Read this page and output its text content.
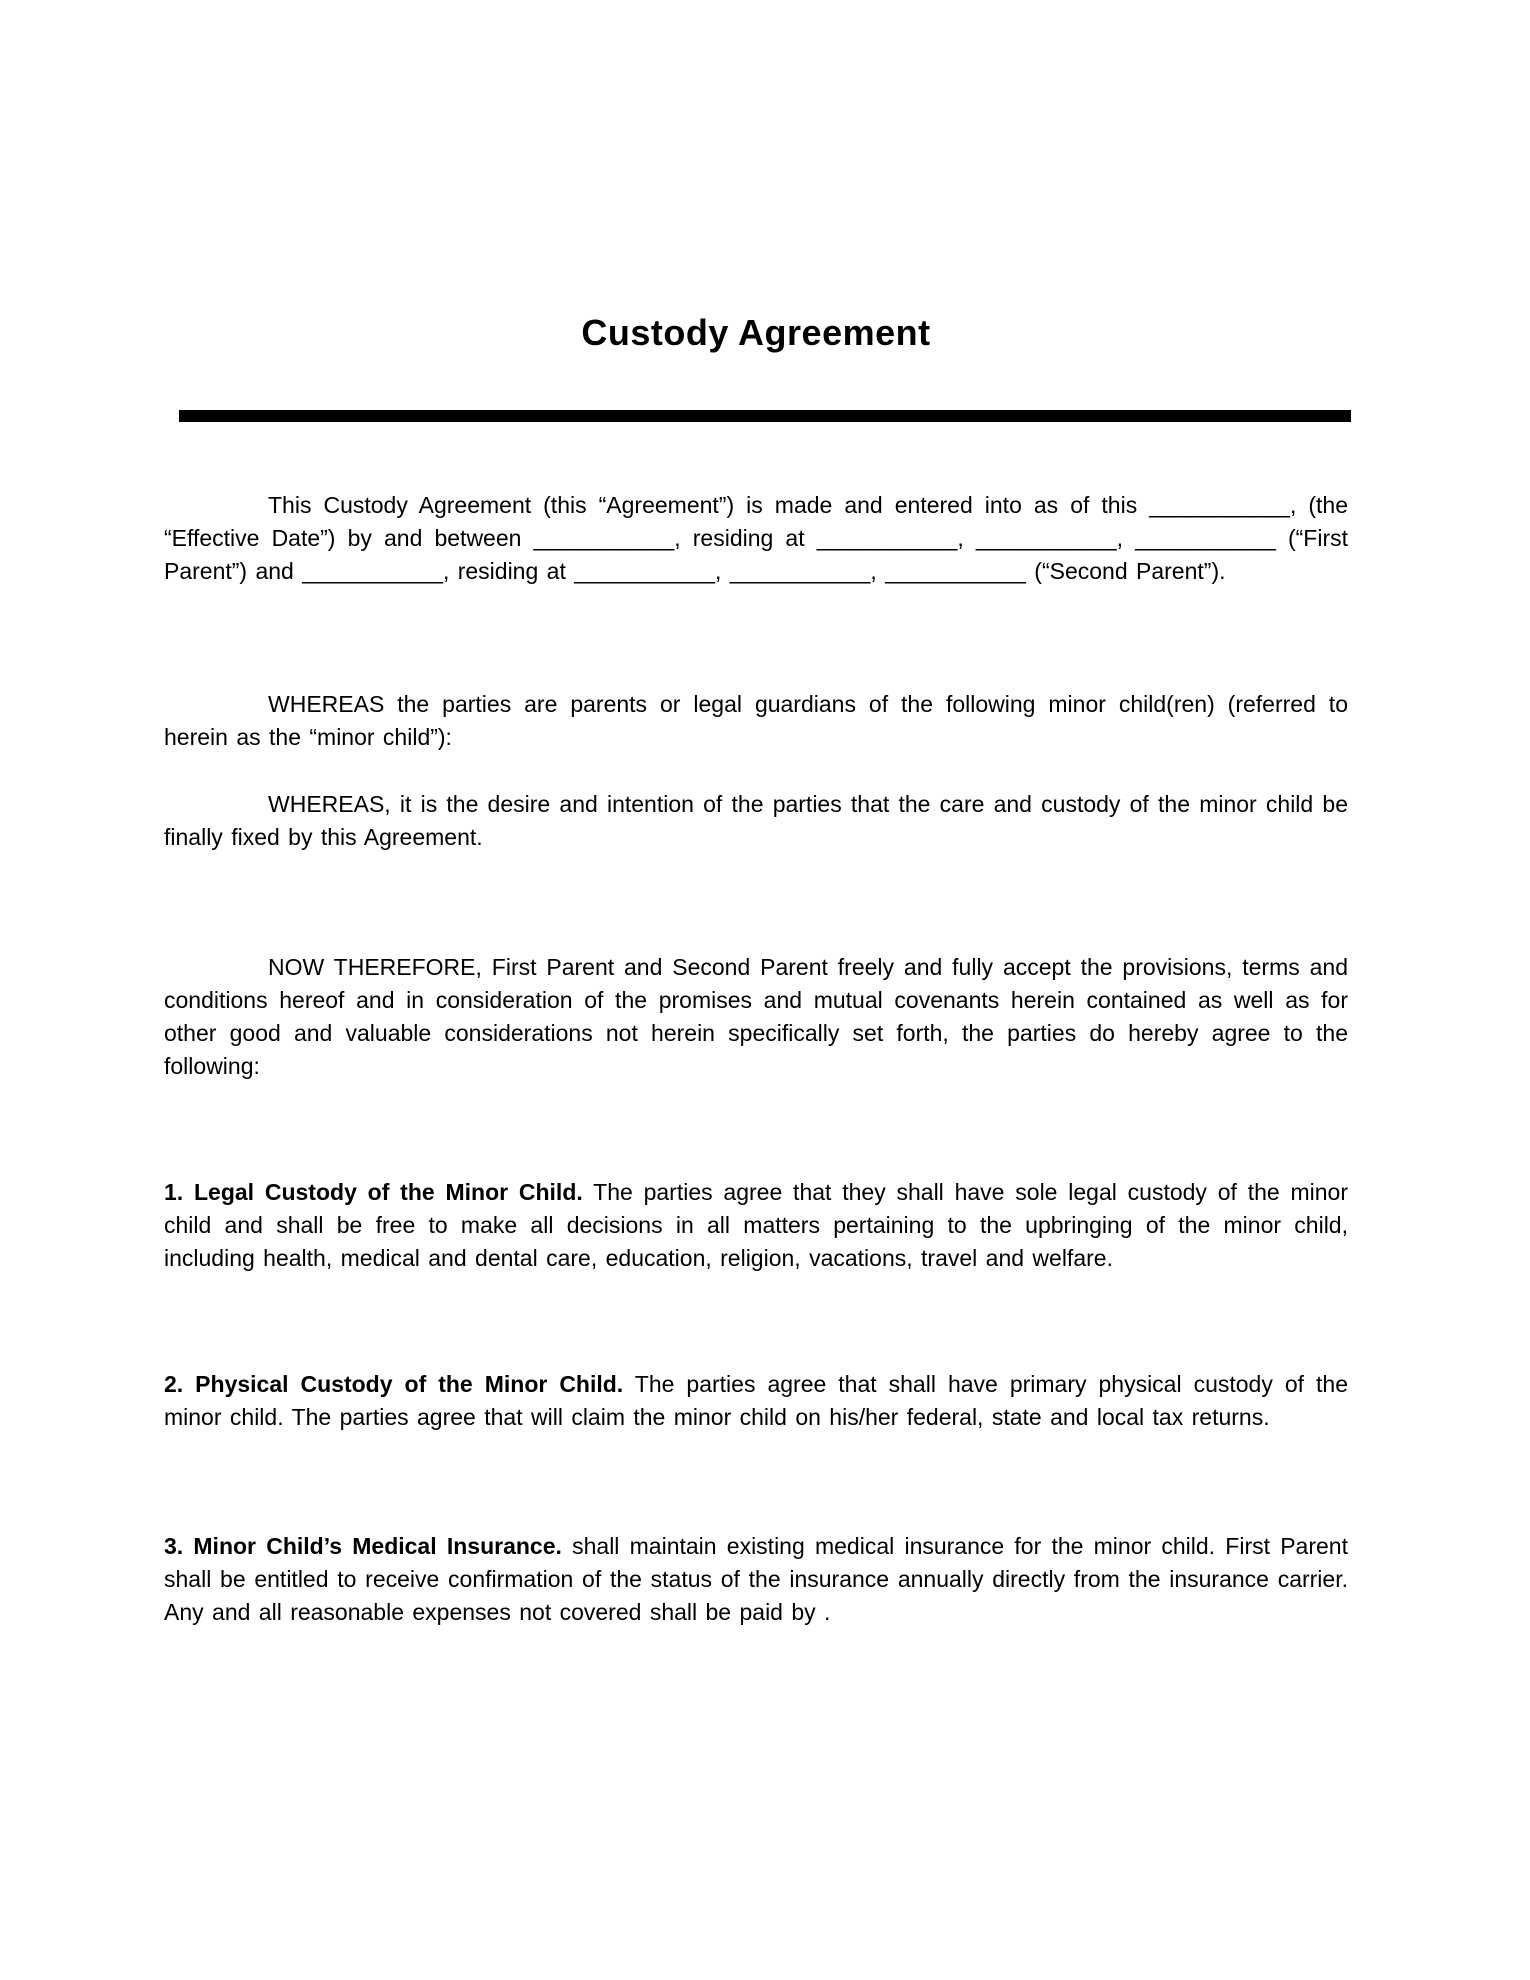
Custody Agreement

This Custody Agreement (this “Agreement”) is made and entered into as of this ___________, (the “Effective Date”) by and between ___________, residing at ___________, ___________, ___________ (“First Parent”) and ___________, residing at ___________, ___________, ___________ (“Second Parent”).

WHEREAS the parties are parents or legal guardians of the following minor child(ren) (referred to herein as the “minor child”):

WHEREAS, it is the desire and intention of the parties that the care and custody of the minor child be finally fixed by this Agreement.

NOW THEREFORE, First Parent and Second Parent freely and fully accept the provisions, terms and conditions hereof and in consideration of the promises and mutual covenants herein contained as well as for other good and valuable considerations not herein specifically set forth, the parties do hereby agree to the following:

1. Legal Custody of the Minor Child. The parties agree that they shall have sole legal custody of the minor child and shall be free to make all decisions in all matters pertaining to the upbringing of the minor child, including health, medical and dental care, education, religion, vacations, travel and welfare.

2. Physical Custody of the Minor Child. The parties agree that shall have primary physical custody of the minor child. The parties agree that will claim the minor child on his/her federal, state and local tax returns.

3. Minor Child’s Medical Insurance. shall maintain existing medical insurance for the minor child. First Parent shall be entitled to receive confirmation of the status of the insurance annually directly from the insurance carrier. Any and all reasonable expenses not covered shall be paid by .
